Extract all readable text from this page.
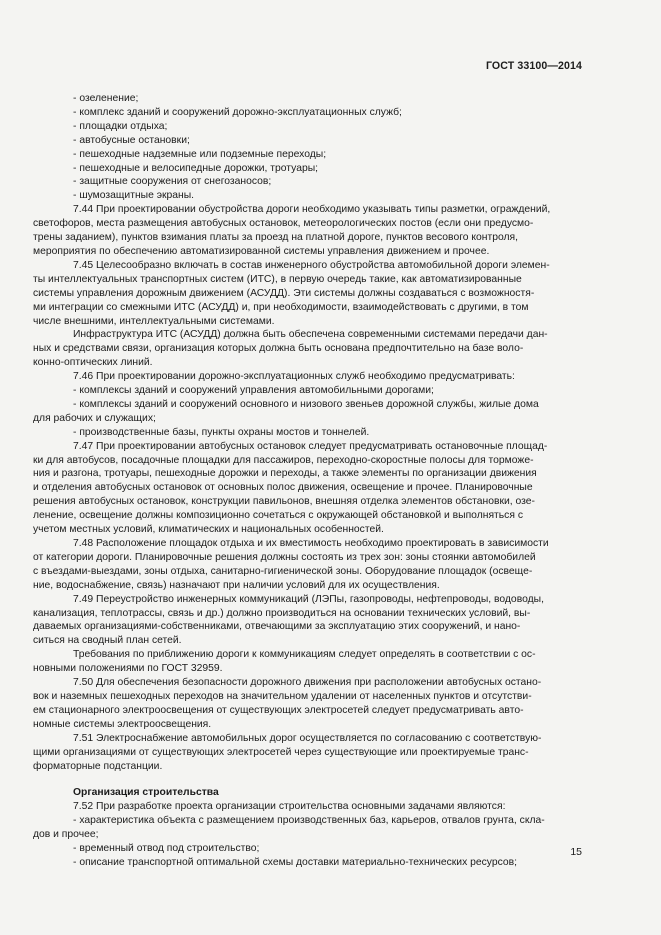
ГОСТ 33100—2014

- озеленение;

- комплекс зданий и сооружений дорожно-эксплуатационных служб;

- площадки отдыха;

- автобусные остановки;

- пешеходные надземные или подземные переходы;

- пешеходные и велосипедные дорожки, тротуары;

- защитные сооружения от снегозаносов;

- шумозащитные экраны.

7.44 При проектировании обустройства дороги необходимо указывать типы разметки, ограждений,
светофоров, места размещения автобусных остановок, метеорологических постов (если они предусмо-
трены заданием), пунктов взимания платы за проезд на платной дороге, пунктов весового контроля,
мероприятия по обеспечению автоматизированной системы управления движением и прочее.

7.45 Целесообразно включать в состав инженерного обустройства автомобильной дороги элемен-
ты интеллектуальных транспортных систем (ИТС), в первую очередь такие, как автоматизированные
системы управления дорожным движением (АСУДД). Эти системы должны создаваться с возможностя-
ми интеграции со смежными ИТС (АСУДД) и, при необходимости, взаимодействовать с другими, в том
числе внешними, интеллектуальными системами.

Инфраструктура ИТС (АСУДД) должна быть обеспечена современными системами передачи дан-
ных и средствами связи, организация которых должна быть основана предпочтительно на базе воло-
конно-оптических линий.

7.46 При проектировании дорожно-эксплуатационных служб необходимо предусматривать:

- комплексы зданий и сооружений управления автомобильными дорогами;

- комплексы зданий и сооружений основного и низового звеньев дорожной службы, жилые дома
для рабочих и служащих;

- производственные базы, пункты охраны мостов и тоннелей.

7.47 При проектировании автобусных остановок следует предусматривать остановочные площад-
ки для автобусов, посадочные площадки для пассажиров, переходно-скоростные полосы для торможе-
ния и разгона, тротуары, пешеходные дорожки и переходы, а также элементы по организации движения
и отделения автобусных остановок от основных полос движения, освещение и прочее. Планировочные
решения автобусных остановок, конструкции павильонов, внешняя отделка элементов обстановки, озе-
ленение, освещение должны композиционно сочетаться с окружающей обстановкой и выполняться с
учетом местных условий, климатических и национальных особенностей.

7.48 Расположение площадок отдыха и их вместимость необходимо проектировать в зависимости
от категории дороги. Планировочные решения должны состоять из трех зон: зоны стоянки автомобилей
с въездами-выездами, зоны отдыха, санитарно-гигиенической зоны. Оборудование площадок (освеще-
ние, водоснабжение, связь) назначают при наличии условий для их осуществления.

7.49 Переустройство инженерных коммуникаций (ЛЭПы, газопроводы, нефтепроводы, водоводы,
канализация, теплотрассы, связь и др.) должно производиться на основании технических условий, вы-
даваемых организациями-собственниками, отвечающими за эксплуатацию этих сооружений, и нано-
ситься на сводный план сетей.

Требования по приближению дороги к коммуникациям следует определять в соответствии с ос-
новными положениями по ГОСТ 32959.

7.50 Для обеспечения безопасности дорожного движения при расположении автобусных остано-
вок и наземных пешеходных переходов на значительном удалении от населенных пунктов и отсутстви-
ем стационарного электроосвещения от существующих электросетей следует предусматривать авто-
номные системы электроосвещения.

7.51 Электроснабжение автомобильных дорог осуществляется по согласованию с соответствую-
щими организациями от существующих электросетей через существующие или проектируемые транс-
форматорные подстанции.

Организация строительства

7.52 При разработке проекта организации строительства основными задачами являются:

- характеристика объекта с размещением производственных баз, карьеров, отвалов грунта, скла-
дов и прочее;

- временный отвод под строительство;

- описание транспортной оптимальной схемы доставки материально-технических ресурсов;

15
